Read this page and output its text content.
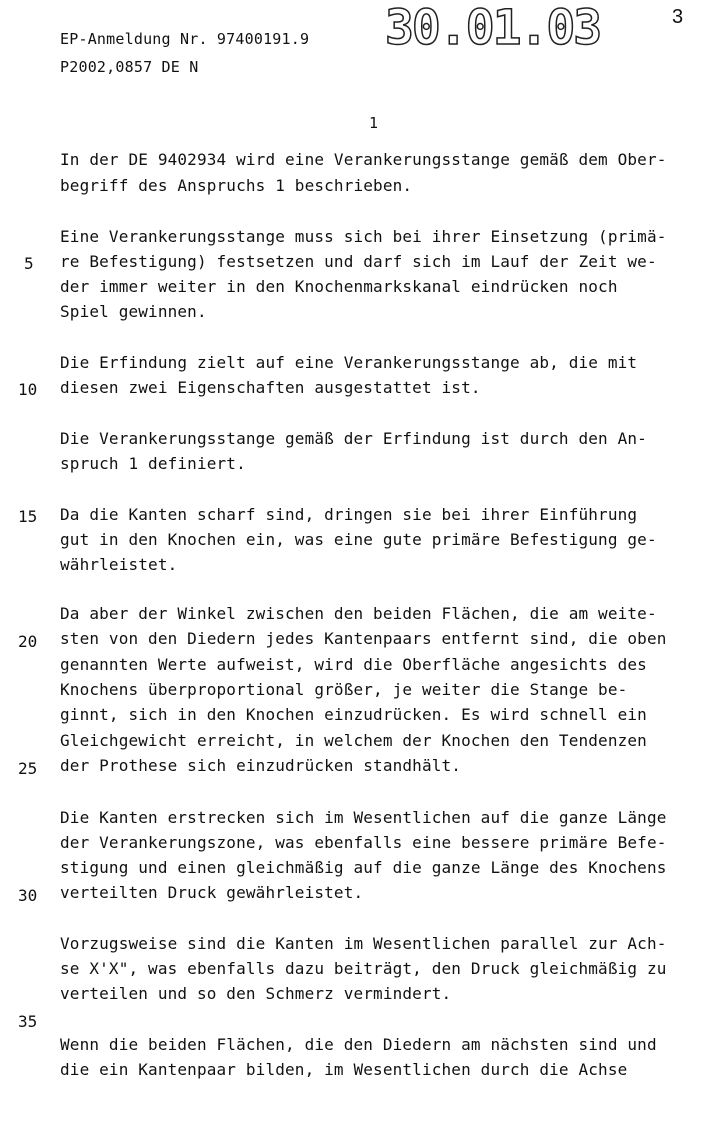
EP-Anmeldung Nr. 97400191.9
P2002,0857 DE N
30.01.03	3
1
In der DE 9402934 wird eine Verankerungsstange gemäß dem Ober-
begriff des Anspruchs 1 beschrieben.
Eine Verankerungsstange muss sich bei ihrer Einsetzung (primä-
re Befestigung) festsetzen und darf sich im Lauf der Zeit we-
der immer weiter in den Knochenmarkskanal eindrücken noch
Spiel gewinnen.
Die Erfindung zielt auf eine Verankerungsstange ab, die mit
diesen zwei Eigenschaften ausgestattet ist.
Die Verankerungsstange gemäß der Erfindung ist durch den An-
spruch 1 definiert.
Da die Kanten scharf sind, dringen sie bei ihrer Einführung
gut in den Knochen ein, was eine gute primäre Befestigung ge-
währleistet.
Da aber der Winkel zwischen den beiden Flächen, die am weite-
sten von den Diedern jedes Kantenpaars entfernt sind, die oben
genannten Werte aufweist, wird die Oberfläche angesichts des
Knochens überproportional größer, je weiter die Stange be-
ginnt, sich in den Knochen einzudrücken. Es wird schnell ein
Gleichgewicht erreicht, in welchem der Knochen den Tendenzen
der Prothese sich einzudrücken standhält.
Die Kanten erstrecken sich im Wesentlichen auf die ganze Länge
der Verankerungszone, was ebenfalls eine bessere primäre Befe-
stigung und einen gleichmäßig auf die ganze Länge des Knochens
verteilten Druck gewährleistet.
Vorzugsweise sind die Kanten im Wesentlichen parallel zur Ach-
se X'X", was ebenfalls dazu beiträgt, den Druck gleichmäßig zu
verteilen und so den Schmerz vermindert.
Wenn die beiden Flächen, die den Diedern am nächsten sind und
die ein Kantenpaar bilden, im Wesentlichen durch die Achse
5
10
15
20
25
30
35
